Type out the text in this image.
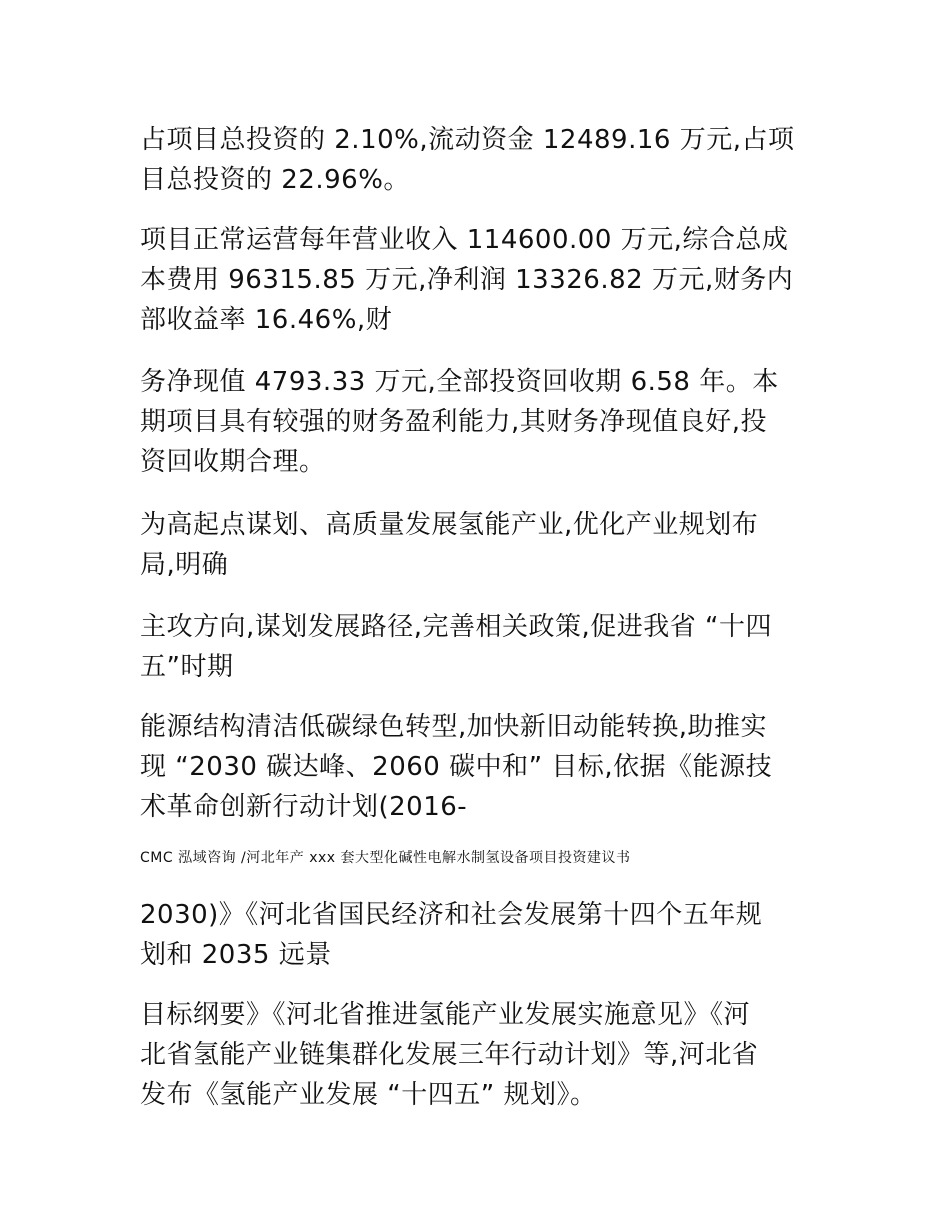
占项目总投资的 2.10%,流动资金 12489.16 万元,占项
目总投资的 22.96%。

项目正常运营每年营业收入 114600.00 万元,综合总成
本费用 96315.85 万元,净利润 13326.82 万元,财务内
部收益率 16.46%,财

务净现值 4793.33 万元,全部投资回收期 6.58 年。本
期项目具有较强的财务盈利能力,其财务净现值良好,投
资回收期合理。

为高起点谋划、高质量发展氢能产业,优化产业规划布
局,明确

主攻方向,谋划发展路径,完善相关政策,促进我省 “十四
五”时期

能源结构清洁低碳绿色转型,加快新旧动能转换,助推实
现 “2030 碳达峰、2060 碳中和” 目标,依据《能源技
术革命创新行动计划(2016-

CMC 泓域咨询 /河北年产 xxx 套大型化碱性电解水制氢设备项目投资建议书

2030)》《河北省国民经济和社会发展第十四个五年规
划和 2035 远景

目标纲要》《河北省推进氢能产业发展实施意见》《河
北省氢能产业链集群化发展三年行动计划》等,河北省
发布《氢能产业发展 “十四五” 规划》。
